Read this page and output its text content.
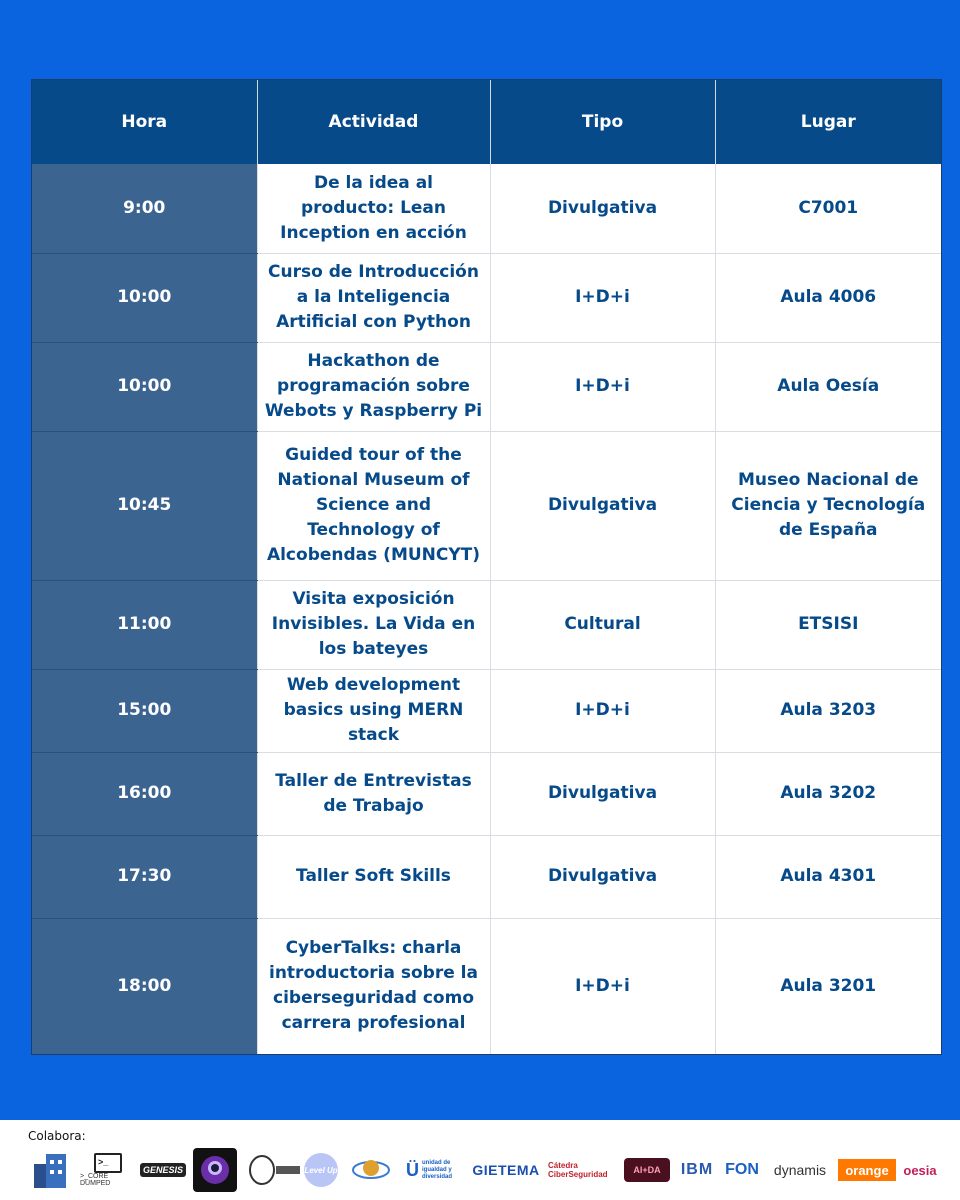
Hora	Actividad	Tipo	Lugar
9:00	De la idea al producto: Lean Inception en acción	Divulgativa	C7001
10:00	Curso de Introducción a la Inteligencia Artificial con Python	I+D+i	Aula 4006
10:00	Hackathon de programación sobre Webots y Raspberry Pi	I+D+i	Aula Oesía
10:45	Guided tour of the National Museum of Science and Technology of Alcobendas (MUNCYT)	Divulgativa	Museo Nacional de Ciencia y Tecnología de España
11:00	Visita exposición Invisibles. La Vida en los bateyes	Cultural	ETSISI
15:00	Web development basics using MERN stack	I+D+i	Aula 3203
16:00	Taller de Entrevistas de Trabajo	Divulgativa	Aula 3202
17:30	Taller Soft Skills	Divulgativa	Aula 4301
18:00	CyberTalks: charla introductoria sobre la ciberseguridad como carrera profesional	I+D+i	Aula 3201
Colabora:
>_
>_CORE DUMPED
GENESIS	Level Up	Ü unidad de igualdad y diversidad GIETEMA Cátedra CiberSeguridad	AI+DA IBM FON dynamis orange oesia
